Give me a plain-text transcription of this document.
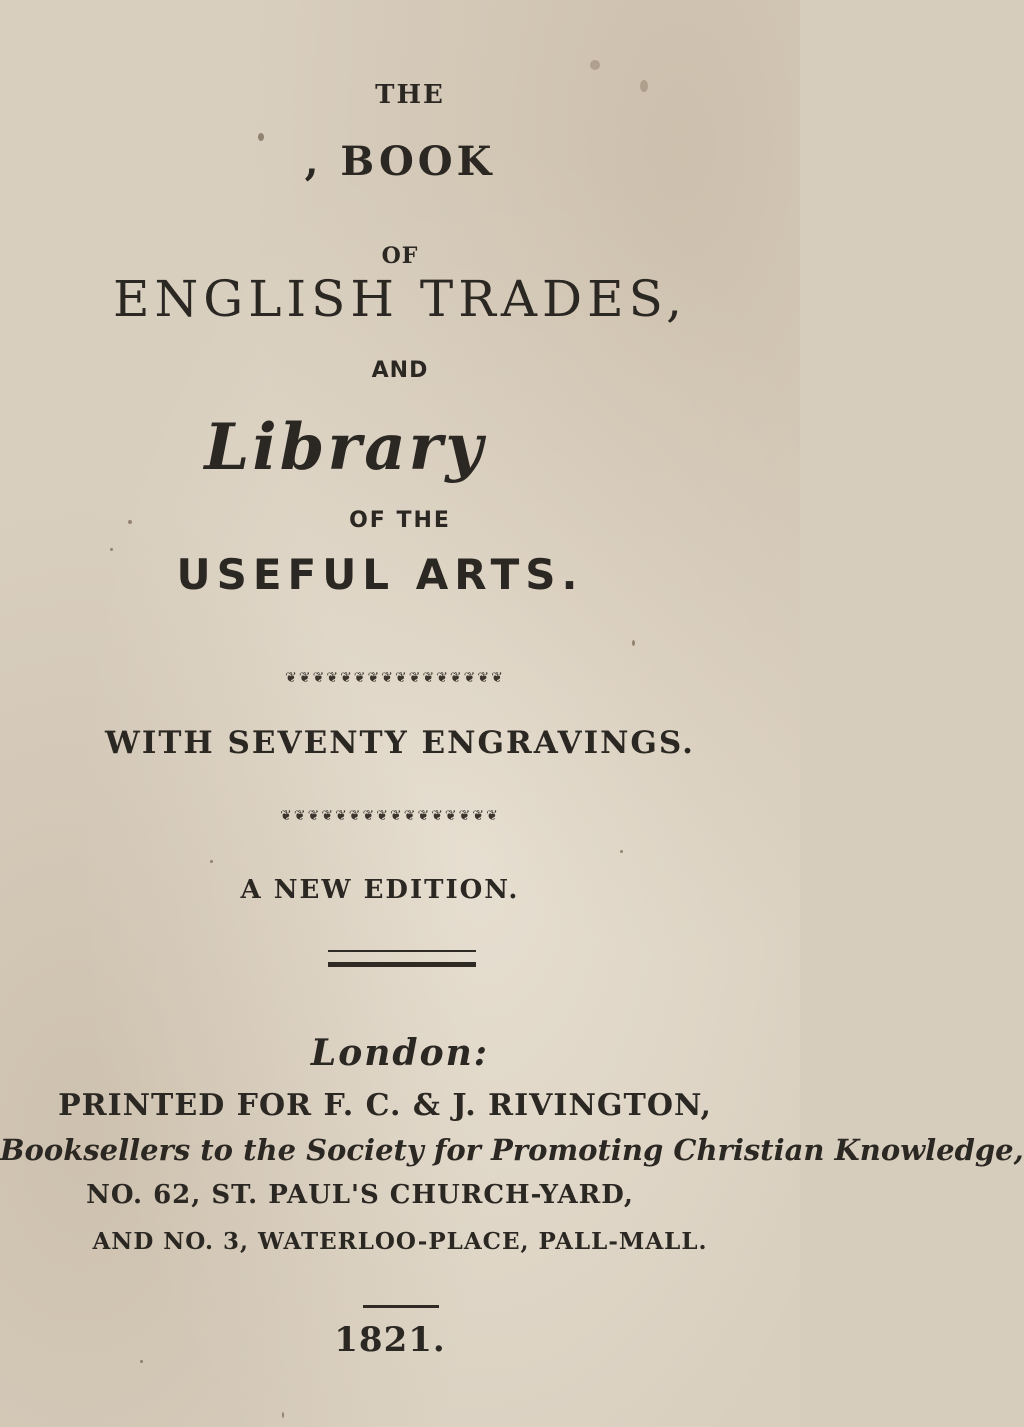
THE
, BOOK
OF
ENGLISH TRADES,
AND
Library
OF THE
USEFUL ARTS.
❦❦❦❦❦❦❦❦❦❦❦❦❦❦❦❦
WITH SEVENTY ENGRAVINGS.
❦❦❦❦❦❦❦❦❦❦❦❦❦❦❦❦
A NEW EDITION.
London:
PRINTED FOR F. C. & J. RIVINGTON,
Booksellers to the Society for Promoting Christian Knowledge,
NO. 62, ST. PAUL'S CHURCH-YARD,
AND NO. 3, WATERLOO-PLACE, PALL-MALL.
1821.
